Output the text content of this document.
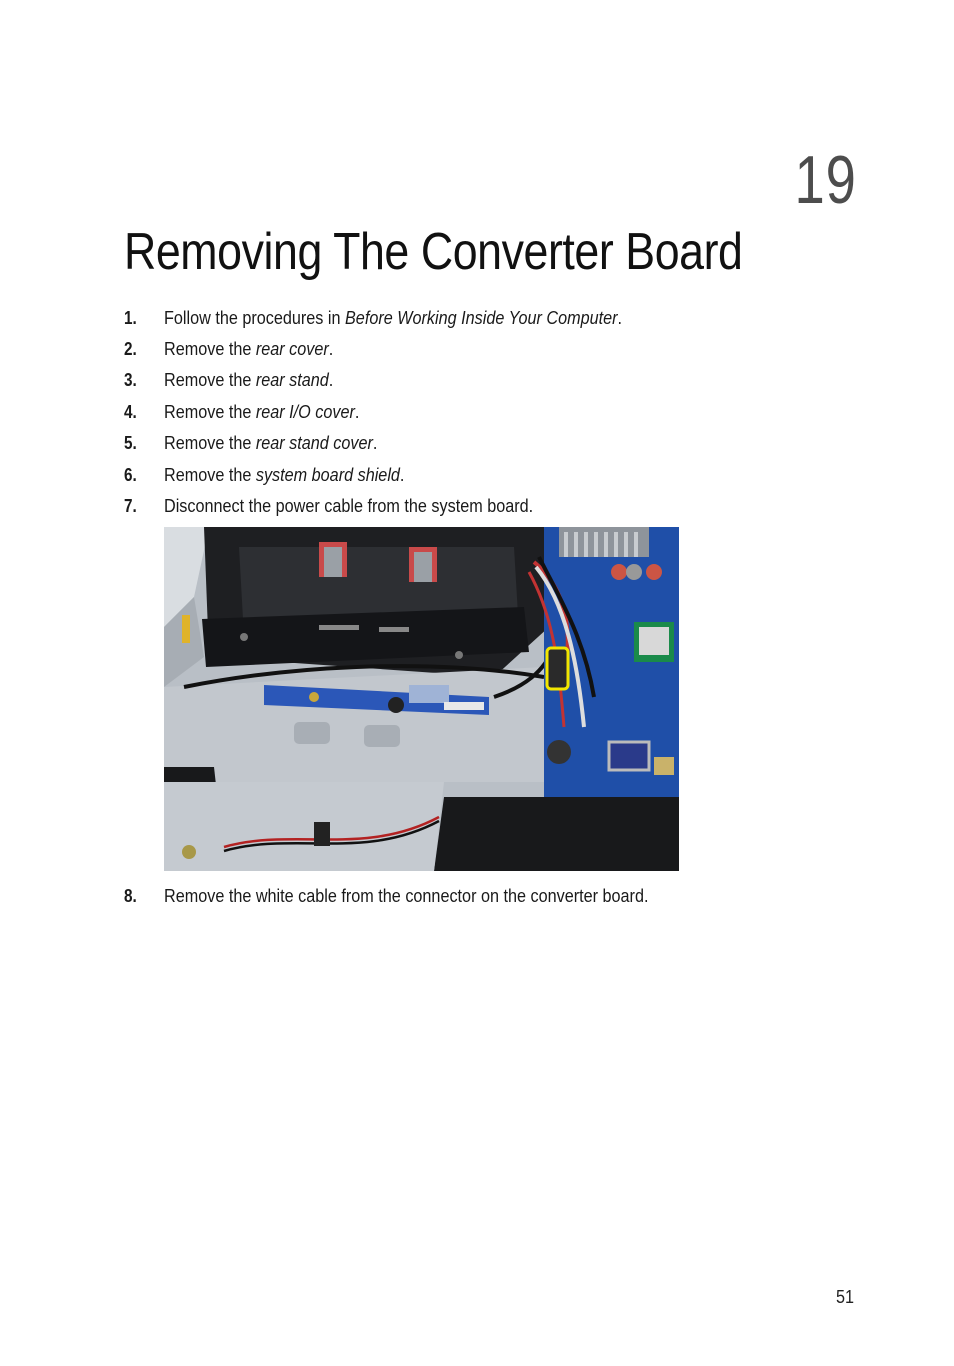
19
Removing The Converter Board
1. Follow the procedures in Before Working Inside Your Computer.
2. Remove the rear cover.
3. Remove the rear stand.
4. Remove the rear I/O cover.
5. Remove the rear stand cover.
6. Remove the system board shield.
7. Disconnect the power cable from the system board.
8. Remove the white cable from the connector on the converter board.
51
